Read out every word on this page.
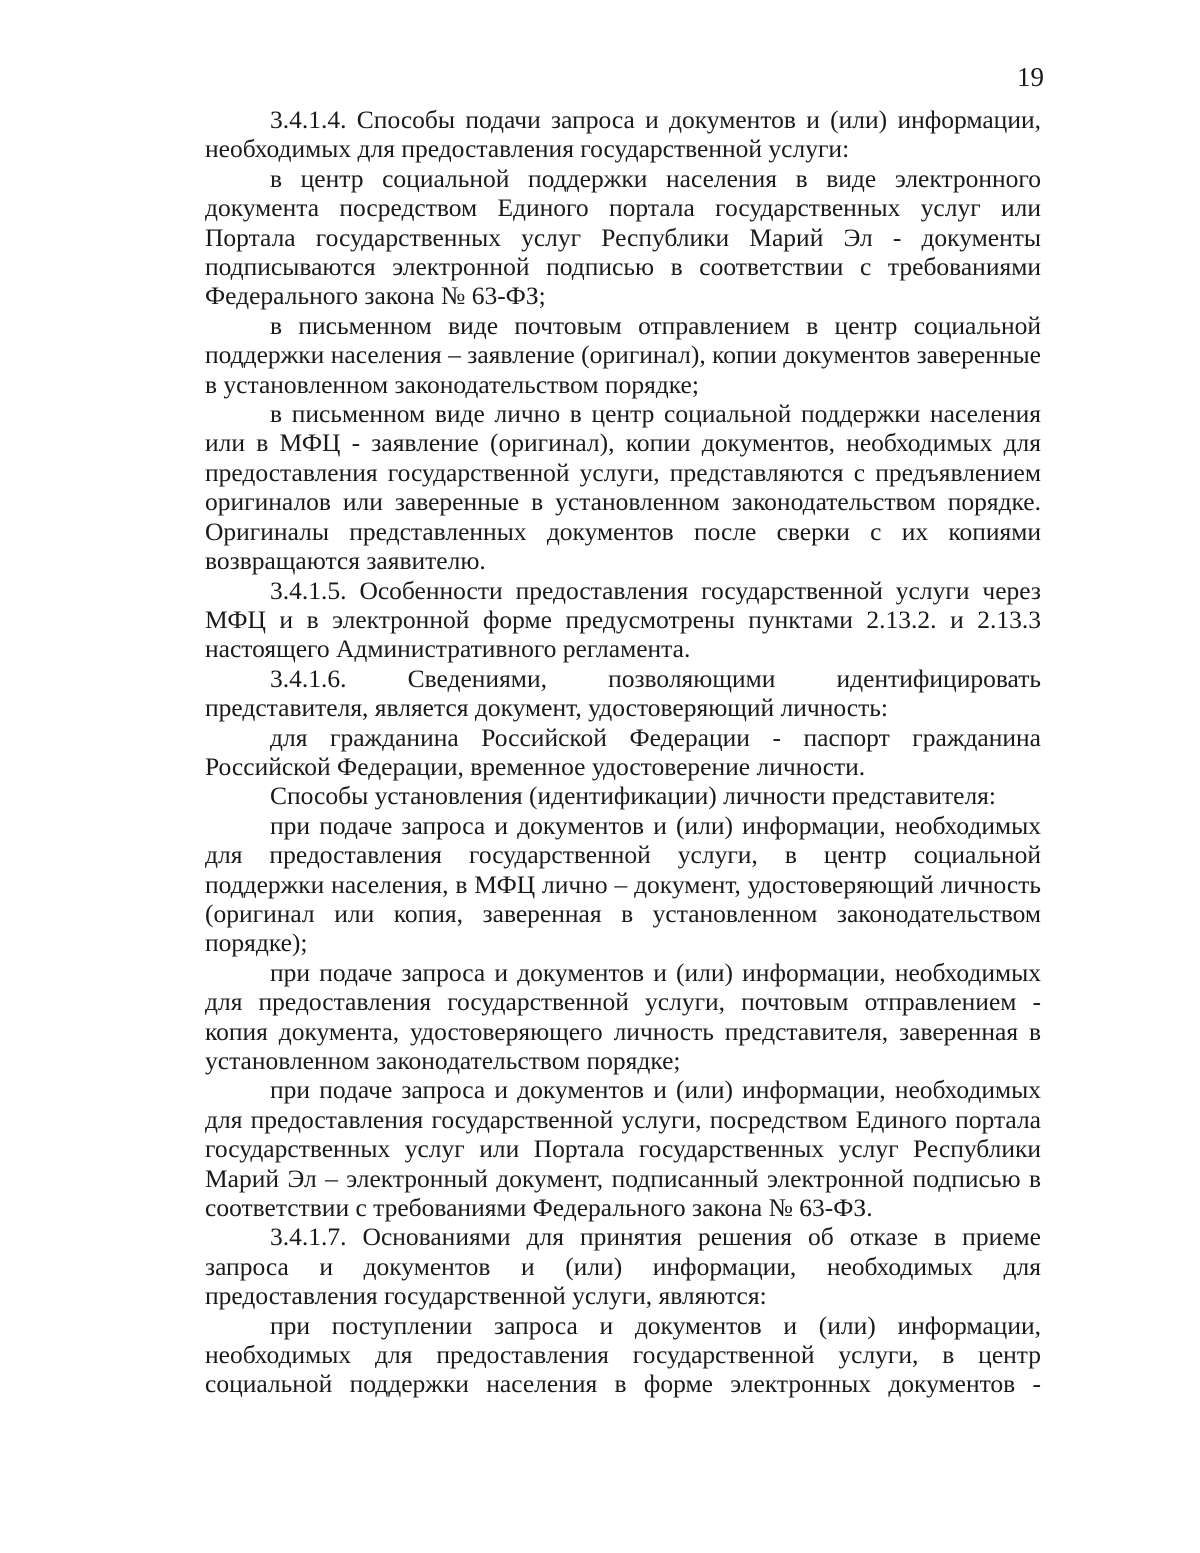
19

3.4.1.4. Способы подачи запроса и документов и (или) информации, необходимых для предоставления государственной услуги:

в центр социальной поддержки населения в виде электронного документа посредством Единого портала государственных услуг или Портала государственных услуг Республики Марий Эл - документы подписываются электронной подписью в соответствии с требованиями Федерального закона № 63-ФЗ;

в письменном виде почтовым отправлением в центр социальной поддержки населения – заявление (оригинал), копии документов заверенные в установленном законодательством порядке;

в письменном виде лично в центр социальной поддержки населения или в МФЦ - заявление (оригинал), копии документов, необходимых для предоставления государственной услуги, представляются с предъявлением оригиналов или заверенные в установленном законодательством порядке. Оригиналы представленных документов после сверки с их копиями возвращаются заявителю.

3.4.1.5. Особенности предоставления государственной услуги через МФЦ и в электронной форме предусмотрены пунктами 2.13.2. и 2.13.3 настоящего Административного регламента.

3.4.1.6. Сведениями, позволяющими идентифицировать представителя, является документ, удостоверяющий личность:

для гражданина Российской Федерации - паспорт гражданина Российской Федерации, временное удостоверение личности.

Способы установления (идентификации) личности представителя:

при подаче запроса и документов и (или) информации, необходимых для предоставления государственной услуги, в центр социальной поддержки населения, в МФЦ лично – документ, удостоверяющий личность (оригинал или копия, заверенная в установленном законодательством порядке);

при подаче запроса и документов и (или) информации, необходимых для предоставления государственной услуги, почтовым отправлением - копия документа, удостоверяющего личность представителя, заверенная в установленном законодательством порядке;

при подаче запроса и документов и (или) информации, необходимых для предоставления государственной услуги, посредством Единого портала государственных услуг или Портала государственных услуг Республики Марий Эл – электронный документ, подписанный электронной подписью в соответствии с требованиями Федерального закона № 63-ФЗ.

3.4.1.7. Основаниями для принятия решения об отказе в приеме запроса и документов и (или) информации, необходимых для предоставления государственной услуги, являются:

при поступлении запроса и документов и (или) информации, необходимых для предоставления государственной услуги, в центр социальной поддержки населения в форме электронных документов -
